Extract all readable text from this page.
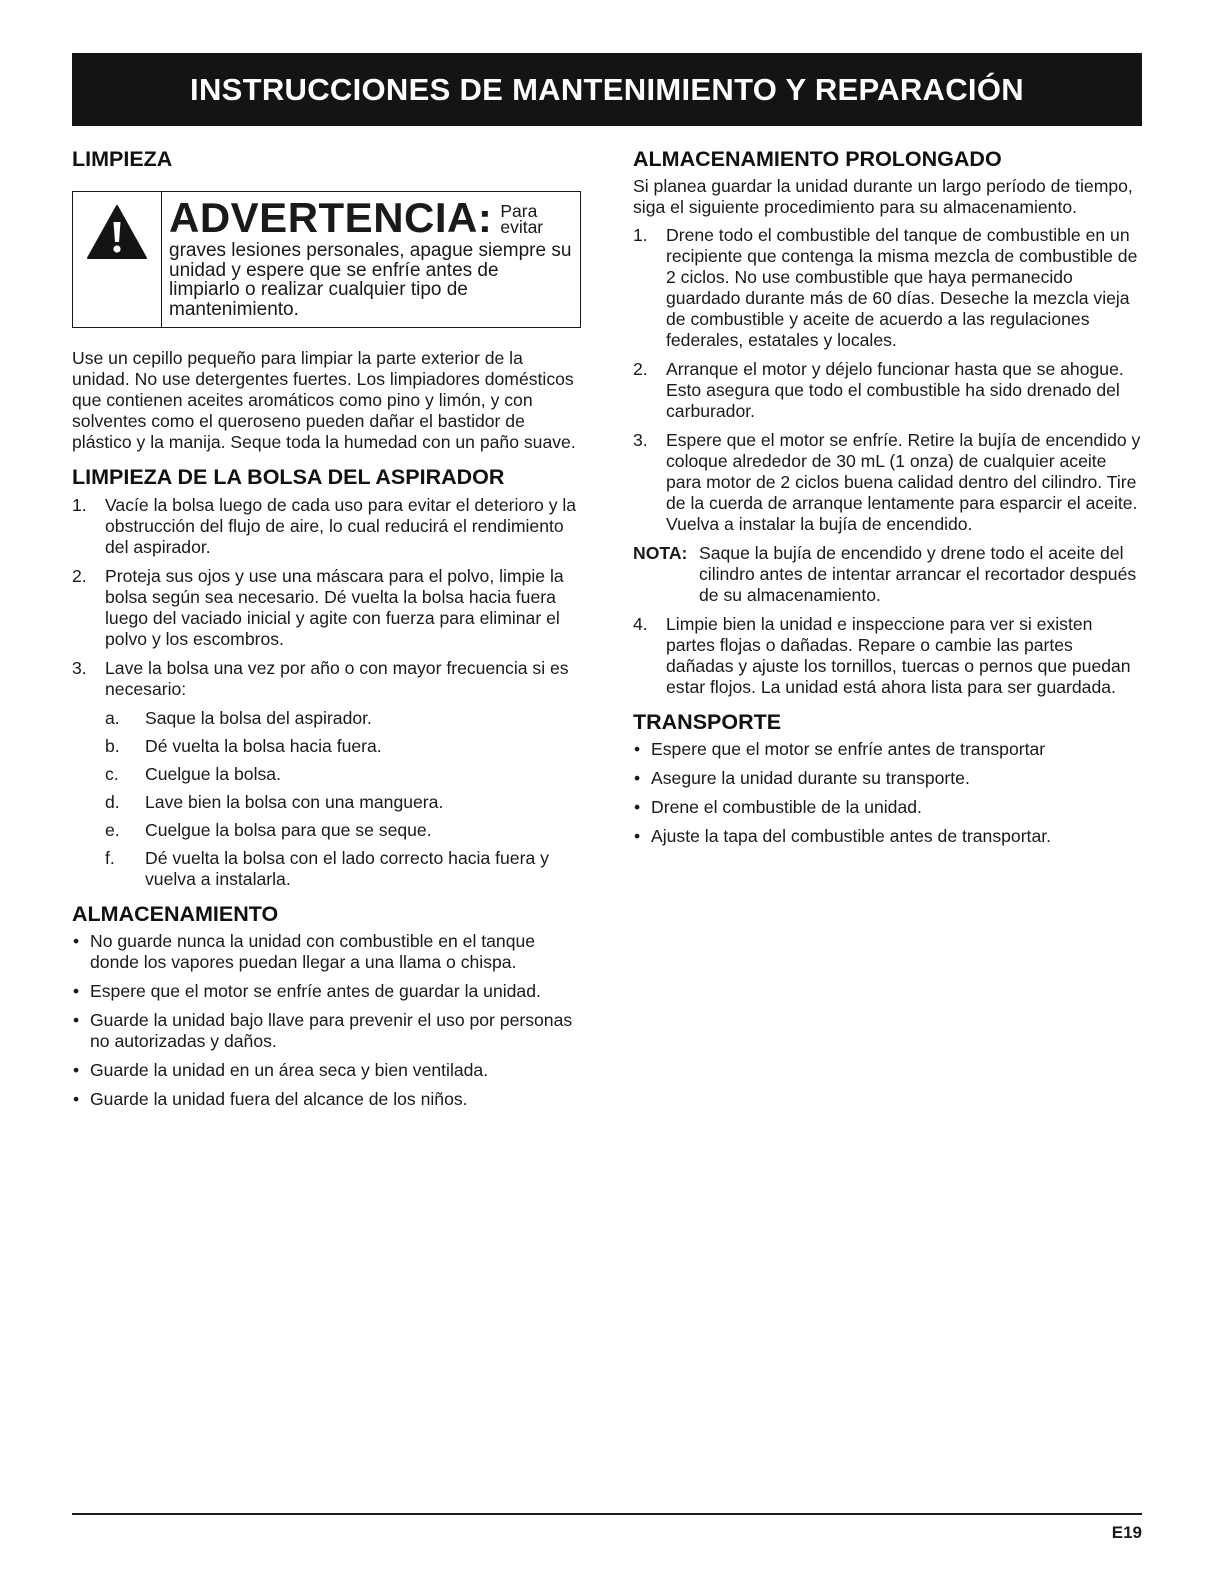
INSTRUCCIONES DE MANTENIMIENTO Y REPARACIÓN
LIMPIEZA
ADVERTENCIA: Para evitar
graves lesiones personales, apague siempre su unidad y espere que se enfríe antes de limpiarlo o realizar cualquier tipo de mantenimiento.

Use un cepillo pequeño para limpiar la parte exterior de la unidad. No use detergentes fuertes. Los limpiadores domésticos que contienen aceites aromáticos como pino y limón, y con solventes como el queroseno pueden dañar el bastidor de plástico y la manija. Seque toda la humedad con un paño suave.

LIMPIEZA DE LA BOLSA DEL ASPIRADOR
1. Vacíe la bolsa luego de cada uso para evitar el deterioro y la obstrucción del flujo de aire, lo cual reducirá el rendimiento del aspirador.
2. Proteja sus ojos y use una máscara para el polvo, limpie la bolsa según sea necesario. Dé vuelta la bolsa hacia fuera luego del vaciado inicial y agite con fuerza para eliminar el polvo y los escombros.
3. Lave la bolsa una vez por año o con mayor frecuencia si es necesario:
a. Saque la bolsa del aspirador.
b. Dé vuelta la bolsa hacia fuera.
c. Cuelgue la bolsa.
d. Lave bien la bolsa con una manguera.
e. Cuelgue la bolsa para que se seque.
f. Dé vuelta la bolsa con el lado correcto hacia fuera y vuelva a instalarla.
ALMACENAMIENTO
• No guarde nunca la unidad con combustible en el tanque donde los vapores puedan llegar a una llama o chispa.
• Espere que el motor se enfríe antes de guardar la unidad.
• Guarde la unidad bajo llave para prevenir el uso por personas no autorizadas y daños.
• Guarde la unidad en un área seca y bien ventilada.
• Guarde la unidad fuera del alcance de los niños.
ALMACENAMIENTO PROLONGADO

Si planea guardar la unidad durante un largo período de tiempo, siga el siguiente procedimiento para su almacenamiento.

1. Drene todo el combustible del tanque de combustible en un recipiente que contenga la misma mezcla de combustible de 2 ciclos. No use combustible que haya permanecido guardado durante más de 60 días. Deseche la mezcla vieja de combustible y aceite de acuerdo a las regulaciones federales, estatales y locales.
2. Arranque el motor y déjelo funcionar hasta que se ahogue. Esto asegura que todo el combustible ha sido drenado del carburador.
3. Espere que el motor se enfríe. Retire la bujía de encendido y coloque alrededor de 30 mL (1 onza) de cualquier aceite para motor de 2 ciclos buena calidad dentro del cilindro. Tire de la cuerda de arranque lentamente para esparcir el aceite. Vuelva a instalar la bujía de encendido.
NOTA: Saque la bujía de encendido y drene todo el aceite del cilindro antes de intentar arrancar el recortador después de su almacenamiento.
4. Limpie bien la unidad e inspeccione para ver si existen partes flojas o dañadas. Repare o cambie las partes dañadas y ajuste los tornillos, tuercas o pernos que puedan estar flojos. La unidad está ahora lista para ser guardada.
TRANSPORTE
• Espere que el motor se enfríe antes de transportar
• Asegure la unidad durante su transporte.
• Drene el combustible de la unidad.
• Ajuste la tapa del combustible antes de transportar.
E19
